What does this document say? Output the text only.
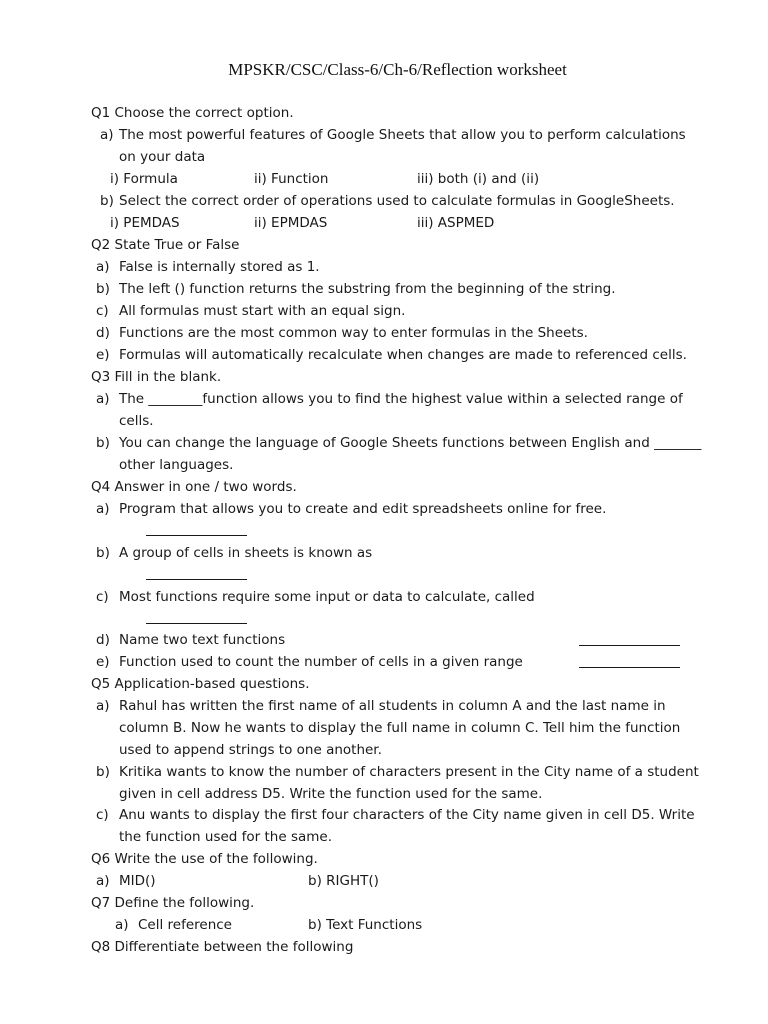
MPSKR/CSC/Class-6/Ch-6/Reflection worksheet
Q1 Choose the correct option.
a) The most powerful features of Google Sheets that allow you to perform calculations
on your data
i) Formula	ii) Function	iii) both (i) and (ii)
b) Select the correct order of operations used to calculate formulas in GoogleSheets.
i) PEMDAS	ii) EPMDAS	iii) ASPMED
Q2 State True or False
a) False is internally stored as 1.
b) The left () function returns the substring from the beginning of the string.
c) All formulas must start with an equal sign.
d) Functions are the most common way to enter formulas in the Sheets.
e) Formulas will automatically recalculate when changes are made to referenced cells.
Q3 Fill in the blank.
a) The ________function allows you to find the highest value within a selected range of
cells.
b) You can change the language of Google Sheets functions between English and _______
other languages.
Q4 Answer in one / two words.
a) Program that allows you to create and edit spreadsheets online for free.
b) A group of cells in sheets is known as
c) Most functions require some input or data to calculate, called
d) Name two text functions
e) Function used to count the number of cells in a given range
Q5 Application-based questions.
a) Rahul has written the first name of all students in column A and the last name in
column B. Now he wants to display the full name in column C. Tell him the function
used to append strings to one another.
b) Kritika wants to know the number of characters present in the City name of a student
given in cell address D5. Write the function used for the same.
c) Anu wants to display the first four characters of the City name given in cell D5. Write
the function used for the same.
Q6 Write the use of the following.
a) MID()	b) RIGHT()
Q7 Define the following.
a) Cell reference	b) Text Functions
Q8 Differentiate between the following
